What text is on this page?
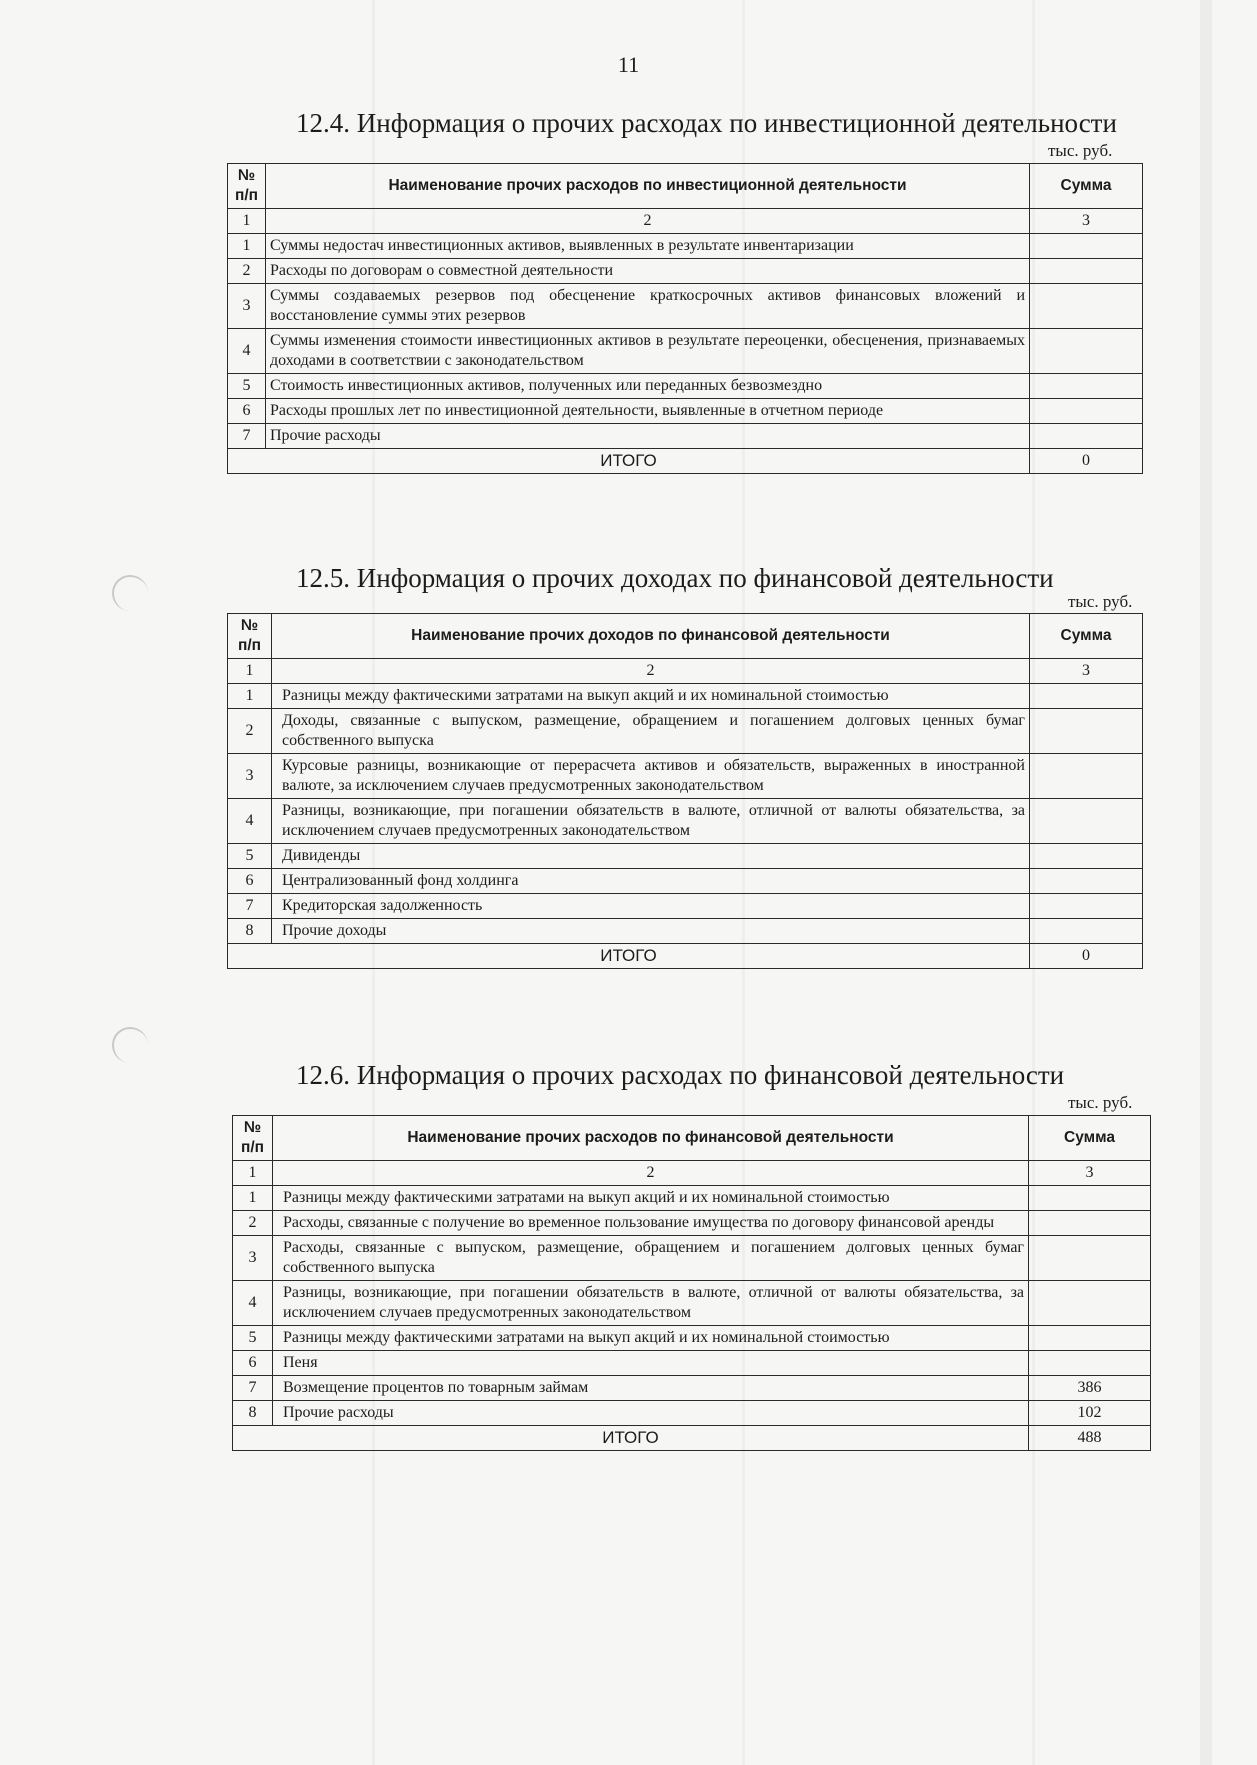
11
12.4. Информация о прочих расходах по инвестиционной деятельности
тыс. руб.
№ п/п	Наименование прочих расходов по инвестиционной деятельности	Сумма
1	2	3
1	Суммы недостач инвестиционных активов, выявленных в результате инвентаризации	
2	Расходы по договорам о совместной деятельности	
3	Суммы создаваемых резервов под обесценение краткосрочных активов финансовых вложений и восстановление суммы этих резервов	
4	Суммы изменения стоимости инвестиционных активов в результате переоценки, обесценения, признаваемых доходами в соответствии с законодательством	
5	Стоимость инвестиционных активов, полученных или переданных безвозмездно	
6	Расходы прошлых лет по инвестиционной деятельности, выявленные в отчетном периоде	
7	Прочие расходы	
ИТОГО		0
12.5. Информация о прочих доходах по финансовой деятельности
тыс. руб.
№ п/п	Наименование прочих доходов по финансовой деятельности	Сумма
1	2	3
1	Разницы между фактическими затратами на выкуп акций и их номинальной стоимостью	
2	Доходы, связанные с выпуском, размещение, обращением и погашением долговых ценных бумаг собственного выпуска	
3	Курсовые разницы, возникающие от перерасчета активов и обязательств, выраженных в иностранной валюте, за исключением случаев предусмотренных законодательством	
4	Разницы, возникающие, при погашении обязательств в валюте, отличной от валюты обязательства, за исключением случаев предусмотренных законодательством	
5	Дивиденды	
6	Централизованный фонд холдинга	
7	Кредиторская задолженность	
8	Прочие доходы	
ИТОГО		0
12.6. Информация о прочих расходах по финансовой деятельности
тыс. руб.
№ п/п	Наименование прочих расходов по финансовой деятельности	Сумма
1	2	3
1	Разницы между фактическими затратами на выкуп акций и их номинальной стоимостью	
2	Расходы, связанные с получение во временное пользование имущества по договору финансовой аренды	
3	Расходы, связанные с выпуском, размещение, обращением и погашением долговых ценных бумаг собственного выпуска	
4	Разницы, возникающие, при погашении обязательств в валюте, отличной от валюты обязательства, за исключением случаев предусмотренных законодательством	
5	Разницы между фактическими затратами на выкуп акций и их номинальной стоимостью	
6	Пеня	
7	Возмещение процентов по товарным займам	386
8	Прочие расходы	102
ИТОГО		488
